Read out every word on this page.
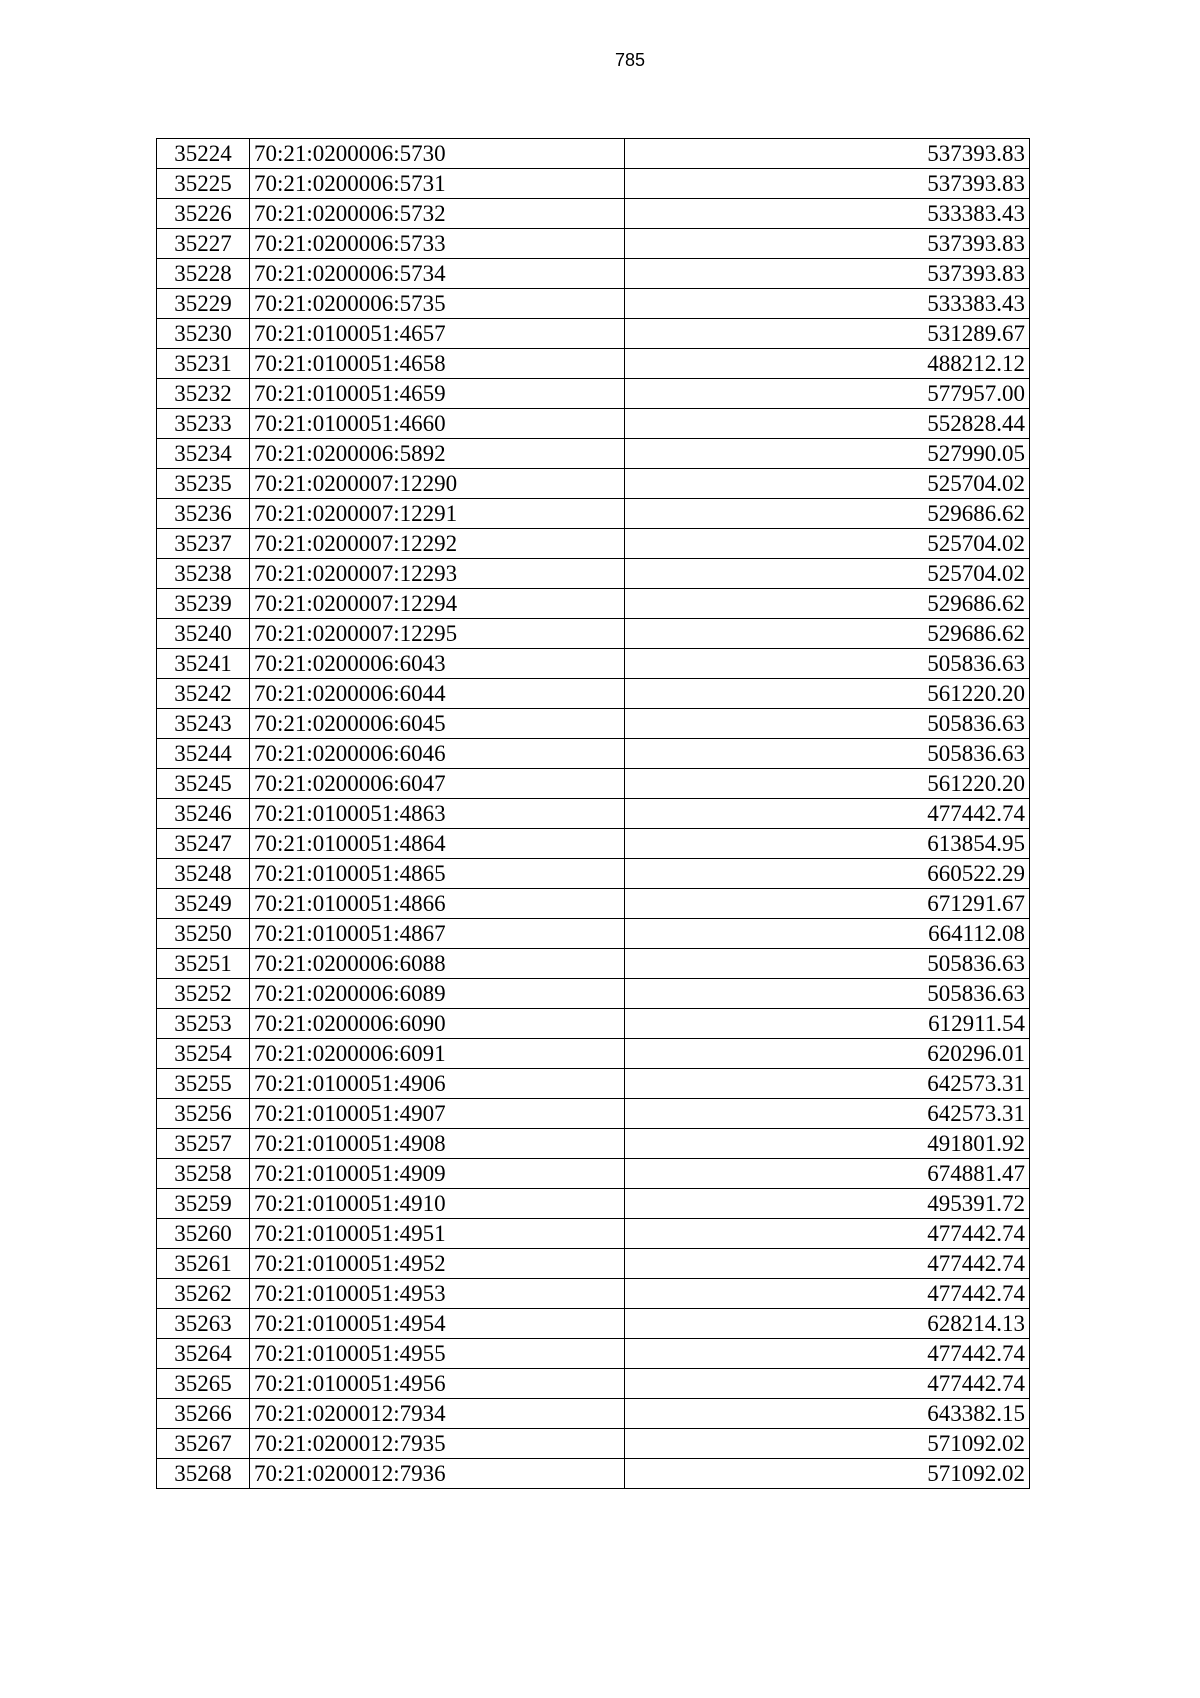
785
35224	70:21:0200006:5730	537393.83
35225	70:21:0200006:5731	537393.83
35226	70:21:0200006:5732	533383.43
35227	70:21:0200006:5733	537393.83
35228	70:21:0200006:5734	537393.83
35229	70:21:0200006:5735	533383.43
35230	70:21:0100051:4657	531289.67
35231	70:21:0100051:4658	488212.12
35232	70:21:0100051:4659	577957.00
35233	70:21:0100051:4660	552828.44
35234	70:21:0200006:5892	527990.05
35235	70:21:0200007:12290	525704.02
35236	70:21:0200007:12291	529686.62
35237	70:21:0200007:12292	525704.02
35238	70:21:0200007:12293	525704.02
35239	70:21:0200007:12294	529686.62
35240	70:21:0200007:12295	529686.62
35241	70:21:0200006:6043	505836.63
35242	70:21:0200006:6044	561220.20
35243	70:21:0200006:6045	505836.63
35244	70:21:0200006:6046	505836.63
35245	70:21:0200006:6047	561220.20
35246	70:21:0100051:4863	477442.74
35247	70:21:0100051:4864	613854.95
35248	70:21:0100051:4865	660522.29
35249	70:21:0100051:4866	671291.67
35250	70:21:0100051:4867	664112.08
35251	70:21:0200006:6088	505836.63
35252	70:21:0200006:6089	505836.63
35253	70:21:0200006:6090	612911.54
35254	70:21:0200006:6091	620296.01
35255	70:21:0100051:4906	642573.31
35256	70:21:0100051:4907	642573.31
35257	70:21:0100051:4908	491801.92
35258	70:21:0100051:4909	674881.47
35259	70:21:0100051:4910	495391.72
35260	70:21:0100051:4951	477442.74
35261	70:21:0100051:4952	477442.74
35262	70:21:0100051:4953	477442.74
35263	70:21:0100051:4954	628214.13
35264	70:21:0100051:4955	477442.74
35265	70:21:0100051:4956	477442.74
35266	70:21:0200012:7934	643382.15
35267	70:21:0200012:7935	571092.02
35268	70:21:0200012:7936	571092.02
